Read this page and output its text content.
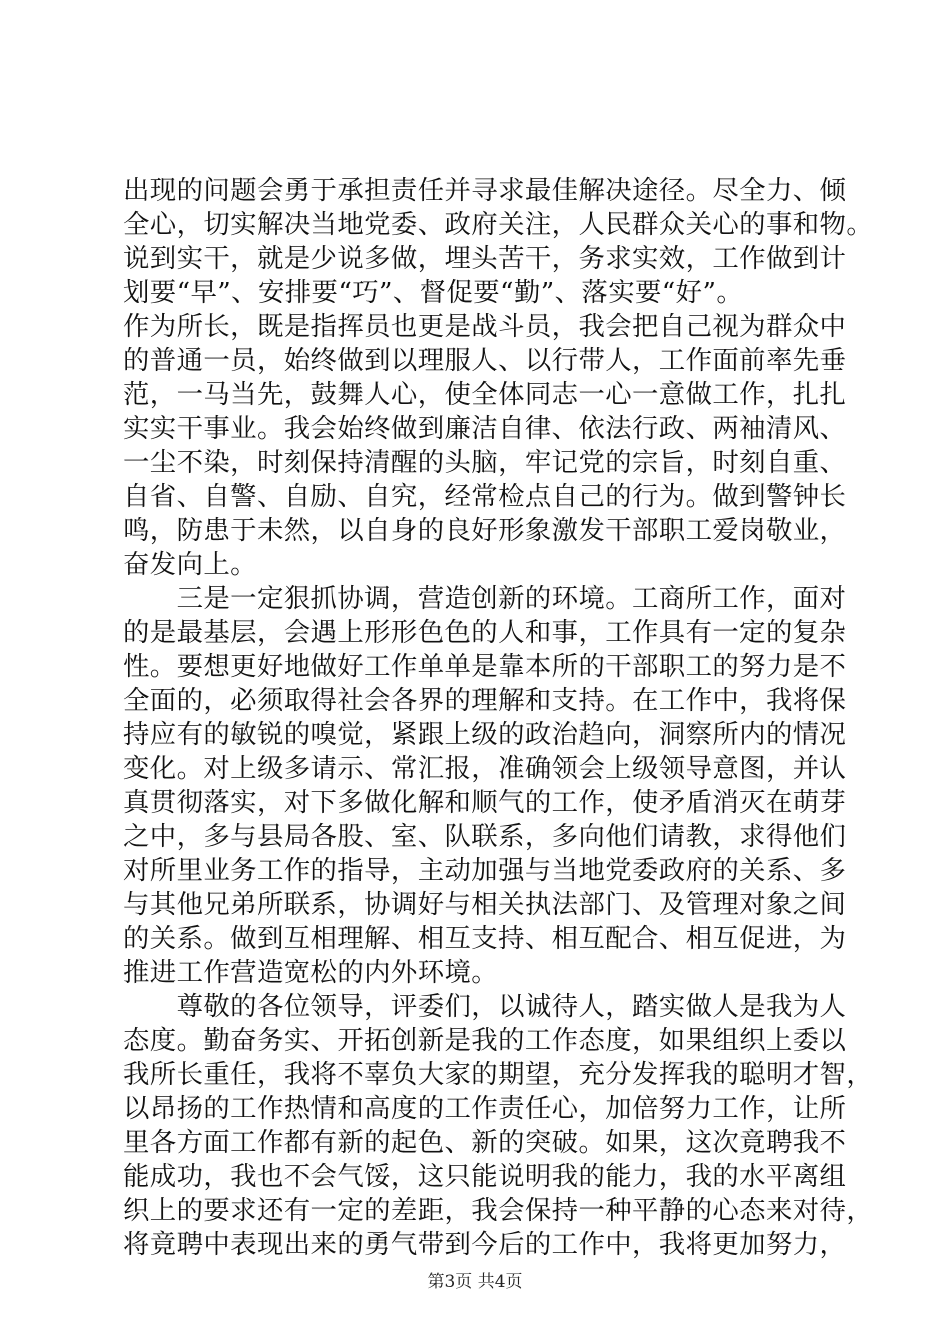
出现的问题会勇于承担责任并寻求最佳解决途径。尽全力、倾
全心，切实解决当地党委、政府关注，人民群众关心的事和物。
说到实干，就是少说多做，埋头苦干，务求实效，工作做到计
划要“早”、安排要“巧”、督促要“勤”、落实要“好”。
作为所长，既是指挥员也更是战斗员，我会把自己视为群众中
的普通一员，始终做到以理服人、以行带人，工作面前率先垂
范，一马当先，鼓舞人心，使全体同志一心一意做工作，扎扎
实实干事业。我会始终做到廉洁自律、依法行政、两袖清风、
一尘不染，时刻保持清醒的头脑，牢记党的宗旨，时刻自重、
自省、自警、自励、自究，经常检点自己的行为。做到警钟长
鸣，防患于未然，以自身的良好形象激发干部职工爱岗敬业，
奋发向上。
　　三是一定狠抓协调，营造创新的环境。工商所工作，面对
的是最基层，会遇上形形色色的人和事，工作具有一定的复杂
性。要想更好地做好工作单单是靠本所的干部职工的努力是不
全面的，必须取得社会各界的理解和支持。在工作中，我将保
持应有的敏锐的嗅觉，紧跟上级的政治趋向，洞察所内的情况
变化。对上级多请示、常汇报，准确领会上级领导意图，并认
真贯彻落实，对下多做化解和顺气的工作，使矛盾消灭在萌芽
之中，多与县局各股、室、队联系，多向他们请教，求得他们
对所里业务工作的指导，主动加强与当地党委政府的关系、多
与其他兄弟所联系，协调好与相关执法部门、及管理对象之间
的关系。做到互相理解、相互支持、相互配合、相互促进，为
推进工作营造宽松的内外环境。
　　尊敬的各位领导，评委们，以诚待人，踏实做人是我为人
态度。勤奋务实、开拓创新是我的工作态度，如果组织上委以
我所长重任，我将不辜负大家的期望，充分发挥我的聪明才智，
以昂扬的工作热情和高度的工作责任心，加倍努力工作，让所
里各方面工作都有新的起色、新的突破。如果，这次竟聘我不
能成功，我也不会气馁，这只能说明我的能力，我的水平离组
织上的要求还有一定的差距，我会保持一种平静的心态来对待，
将竟聘中表现出来的勇气带到今后的工作中，我将更加努力，
第3页 共4页
